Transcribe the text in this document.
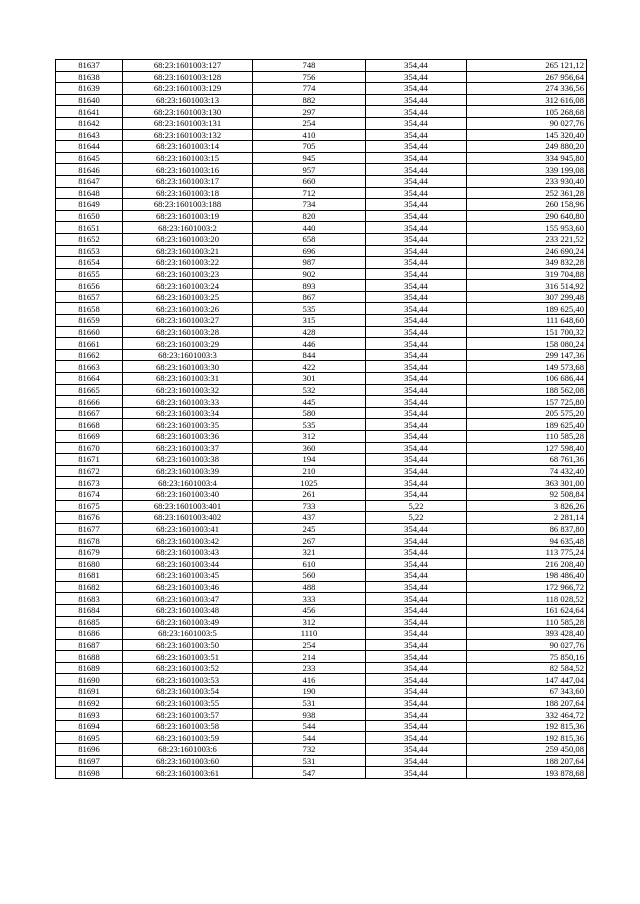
81637	68:23:1601003:127	748	354,44	265 121,12
81638	68:23:1601003:128	756	354,44	267 956,64
81639	68:23:1601003:129	774	354,44	274 336,56
81640	68:23:1601003:13	882	354,44	312 616,08
81641	68:23:1601003:130	297	354,44	105 268,68
81642	68:23:1601003:131	254	354,44	90 027,76
81643	68:23:1601003:132	410	354,44	145 320,40
81644	68:23:1601003:14	705	354,44	249 880,20
81645	68:23:1601003:15	945	354,44	334 945,80
81646	68:23:1601003:16	957	354,44	339 199,08
81647	68:23:1601003:17	660	354,44	233 930,40
81648	68:23:1601003:18	712	354,44	252 361,28
81649	68:23:1601003:188	734	354,44	260 158,96
81650	68:23:1601003:19	820	354,44	290 640,80
81651	68:23:1601003:2	440	354,44	155 953,60
81652	68:23:1601003:20	658	354,44	233 221,52
81653	68:23:1601003:21	696	354,44	246 690,24
81654	68:23:1601003:22	987	354,44	349 832,28
81655	68:23:1601003:23	902	354,44	319 704,88
81656	68:23:1601003:24	893	354,44	316 514,92
81657	68:23:1601003:25	867	354,44	307 299,48
81658	68:23:1601003:26	535	354,44	189 625,40
81659	68:23:1601003:27	315	354,44	111 648,60
81660	68:23:1601003:28	428	354,44	151 700,32
81661	68:23:1601003:29	446	354,44	158 080,24
81662	68:23:1601003:3	844	354,44	299 147,36
81663	68:23:1601003:30	422	354,44	149 573,68
81664	68:23:1601003:31	301	354,44	106 686,44
81665	68:23:1601003:32	532	354,44	188 562,08
81666	68:23:1601003:33	445	354,44	157 725,80
81667	68:23:1601003:34	580	354,44	205 575,20
81668	68:23:1601003:35	535	354,44	189 625,40
81669	68:23:1601003:36	312	354,44	110 585,28
81670	68:23:1601003:37	360	354,44	127 598,40
81671	68:23:1601003:38	194	354,44	68 761,36
81672	68:23:1601003:39	210	354,44	74 432,40
81673	68:23:1601003:4	1025	354,44	363 301,00
81674	68:23:1601003:40	261	354,44	92 508,84
81675	68:23:1601003:401	733	5,22	3 826,26
81676	68:23:1601003:402	437	5,22	2 281,14
81677	68:23:1601003:41	245	354,44	86 837,80
81678	68:23:1601003:42	267	354,44	94 635,48
81679	68:23:1601003:43	321	354,44	113 775,24
81680	68:23:1601003:44	610	354,44	216 208,40
81681	68:23:1601003:45	560	354,44	198 486,40
81682	68:23:1601003:46	488	354,44	172 966,72
81683	68:23:1601003:47	333	354,44	118 028,52
81684	68:23:1601003:48	456	354,44	161 624,64
81685	68:23:1601003:49	312	354,44	110 585,28
81686	68:23:1601003:5	1110	354,44	393 428,40
81687	68:23:1601003:50	254	354,44	90 027,76
81688	68:23:1601003:51	214	354,44	75 850,16
81689	68:23:1601003:52	233	354,44	82 584,52
81690	68:23:1601003:53	416	354,44	147 447,04
81691	68:23:1601003:54	190	354,44	67 343,60
81692	68:23:1601003:55	531	354,44	188 207,64
81693	68:23:1601003:57	938	354,44	332 464,72
81694	68:23:1601003:58	544	354,44	192 815,36
81695	68:23:1601003:59	544	354,44	192 815,36
81696	68:23:1601003:6	732	354,44	259 450,08
81697	68:23:1601003:60	531	354,44	188 207,64
81698	68:23:1601003:61	547	354,44	193 878,68
